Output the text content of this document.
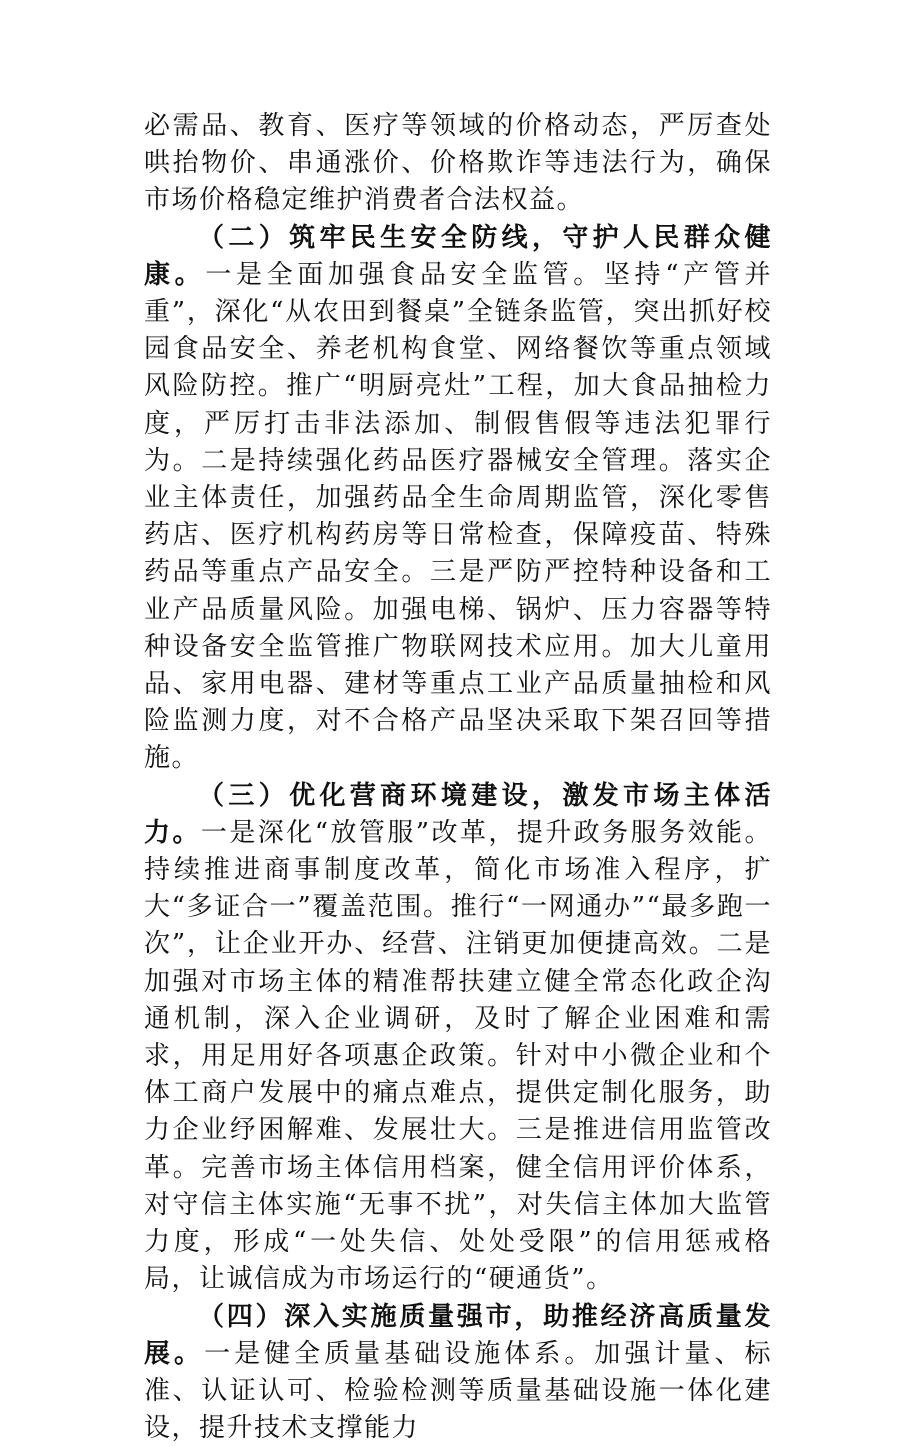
必需品、教育、医疗等领域的价格动态，严厉查处哄抬物价、串通涨价、价格欺诈等违法行为，确保市场价格稳定维护消费者合法权益。

（二）筑牢民生安全防线，守护人民群众健康。一是全面加强食品安全监管。坚持“产管并重”，深化“从农田到餐桌”全链条监管，突出抓好校园食品安全、养老机构食堂、网络餐饮等重点领域风险防控。推广“明厨亮灶”工程，加大食品抽检力度，严厉打击非法添加、制假售假等违法犯罪行为。二是持续强化药品医疗器械安全管理。落实企业主体责任，加强药品全生命周期监管，深化零售药店、医疗机构药房等日常检查，保障疫苗、特殊药品等重点产品安全。三是严防严控特种设备和工业产品质量风险。加强电梯、锅炉、压力容器等特种设备安全监管推广物联网技术应用。加大儿童用品、家用电器、建材等重点工业产品质量抽检和风险监测力度，对不合格产品坚决采取下架召回等措施。

（三）优化营商环境建设，激发市场主体活力。一是深化“放管服”改革，提升政务服务效能。持续推进商事制度改革，简化市场准入程序，扩大“多证合一”覆盖范围。推行“一网通办”“最多跑一次”，让企业开办、经营、注销更加便捷高效。二是加强对市场主体的精准帮扶建立健全常态化政企沟通机制，深入企业调研，及时了解企业困难和需求，用足用好各项惠企政策。针对中小微企业和个体工商户发展中的痛点难点，提供定制化服务，助力企业纾困解难、发展壮大。三是推进信用监管改革。完善市场主体信用档案，健全信用评价体系，对守信主体实施“无事不扰”，对失信主体加大监管力度，形成“一处失信、处处受限”的信用惩戒格局，让诚信成为市场运行的“硬通货”。

（四）深入实施质量强市，助推经济高质量发展。一是健全质量基础设施体系。加强计量、标准、认证认可、检验检测等质量基础设施一体化建设，提升技术支撑能力
